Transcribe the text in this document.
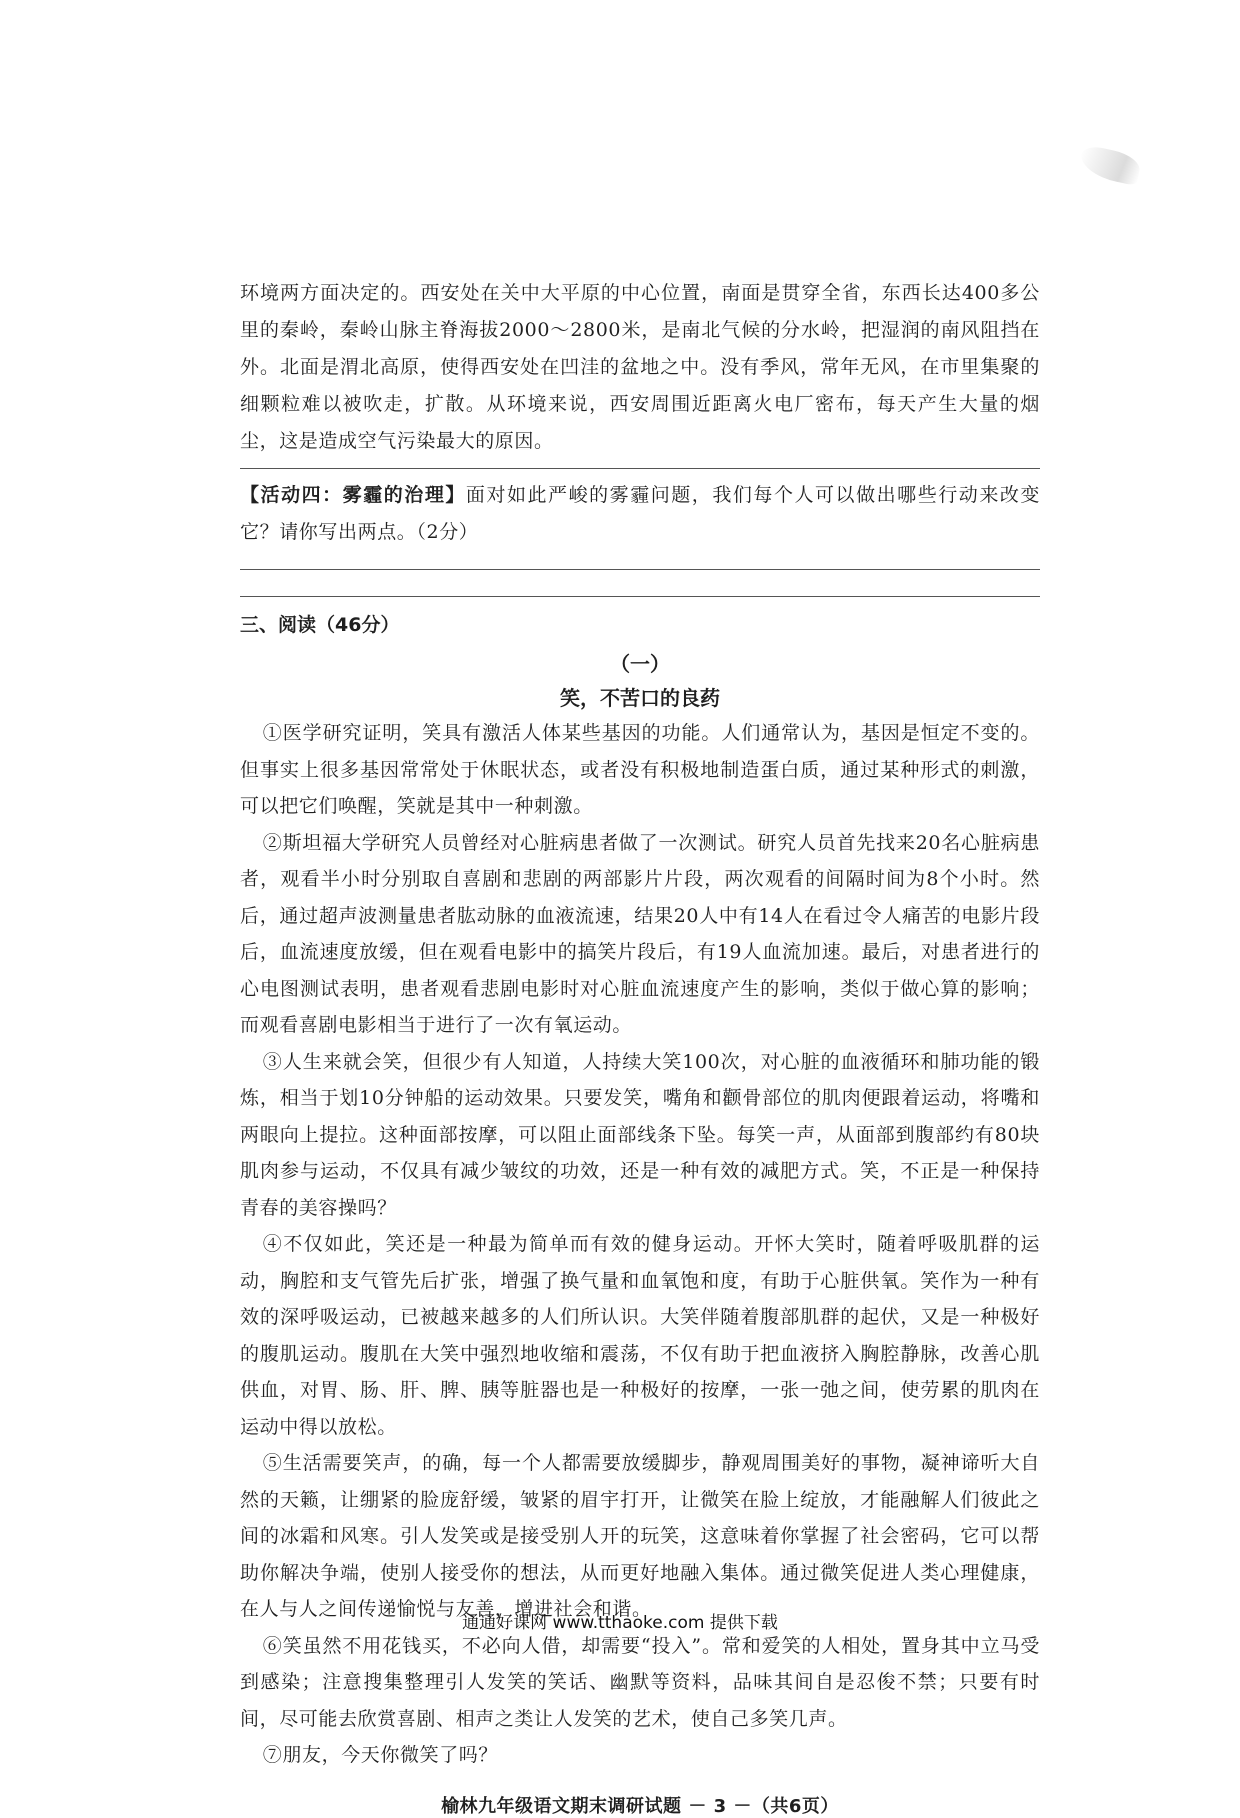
环境两方面决定的。西安处在关中大平原的中心位置，南面是贯穿全省，东西长达400多公里的秦岭，秦岭山脉主脊海拔2000～2800米，是南北气候的分水岭，把湿润的南风阻挡在外。北面是渭北高原，使得西安处在凹洼的盆地之中。没有季风，常年无风，在市里集聚的细颗粒难以被吹走，扩散。从环境来说，西安周围近距离火电厂密布，每天产生大量的烟尘，这是造成空气污染最大的原因。

【活动四：雾霾的治理】面对如此严峻的雾霾问题，我们每个人可以做出哪些行动来改变它？请你写出两点。（2分）

三、阅读（46分）
（一）
笑，不苦口的良药

①医学研究证明，笑具有激活人体某些基因的功能。人们通常认为，基因是恒定不变的。但事实上很多基因常常处于休眠状态，或者没有积极地制造蛋白质，通过某种形式的刺激，可以把它们唤醒，笑就是其中一种刺激。

②斯坦福大学研究人员曾经对心脏病患者做了一次测试。研究人员首先找来20名心脏病患者，观看半小时分别取自喜剧和悲剧的两部影片片段，两次观看的间隔时间为8个小时。然后，通过超声波测量患者肱动脉的血液流速，结果20人中有14人在看过令人痛苦的电影片段后，血流速度放缓，但在观看电影中的搞笑片段后，有19人血流加速。最后，对患者进行的心电图测试表明，患者观看悲剧电影时对心脏血流速度产生的影响，类似于做心算的影响；而观看喜剧电影相当于进行了一次有氧运动。

③人生来就会笑，但很少有人知道，人持续大笑100次，对心脏的血液循环和肺功能的锻炼，相当于划10分钟船的运动效果。只要发笑，嘴角和颧骨部位的肌肉便跟着运动，将嘴和两眼向上提拉。这种面部按摩，可以阻止面部线条下坠。每笑一声，从面部到腹部约有80块肌肉参与运动，不仅具有减少皱纹的功效，还是一种有效的减肥方式。笑，不正是一种保持青春的美容操吗？

④不仅如此，笑还是一种最为简单而有效的健身运动。开怀大笑时，随着呼吸肌群的运动，胸腔和支气管先后扩张，增强了换气量和血氧饱和度，有助于心脏供氧。笑作为一种有效的深呼吸运动，已被越来越多的人们所认识。大笑伴随着腹部肌群的起伏，又是一种极好的腹肌运动。腹肌在大笑中强烈地收缩和震荡，不仅有助于把血液挤入胸腔静脉，改善心肌供血，对胃、肠、肝、脾、胰等脏器也是一种极好的按摩，一张一弛之间，使劳累的肌肉在运动中得以放松。

⑤生活需要笑声，的确，每一个人都需要放缓脚步，静观周围美好的事物，凝神谛听大自然的天籁，让绷紧的脸庞舒缓，皱紧的眉宇打开，让微笑在脸上绽放，才能融解人们彼此之间的冰霜和风寒。引人发笑或是接受别人开的玩笑，这意味着你掌握了社会密码，它可以帮助你解决争端，使别人接受你的想法，从而更好地融入集体。通过微笑促进人类心理健康，在人与人之间传递愉悦与友善，增进社会和谐。

⑥笑虽然不用花钱买，不必向人借，却需要“投入”。常和爱笑的人相处，置身其中立马受到感染；注意搜集整理引人发笑的笑话、幽默等资料，品味其间自是忍俊不禁；只要有时间，尽可能去欣赏喜剧、相声之类让人发笑的艺术，使自己多笑几声。

⑦朋友，今天你微笑了吗？

榆林九年级语文期末调研试题 － 3 －（共6页）
通通好课网 www.tthaoke.com 提供下载
